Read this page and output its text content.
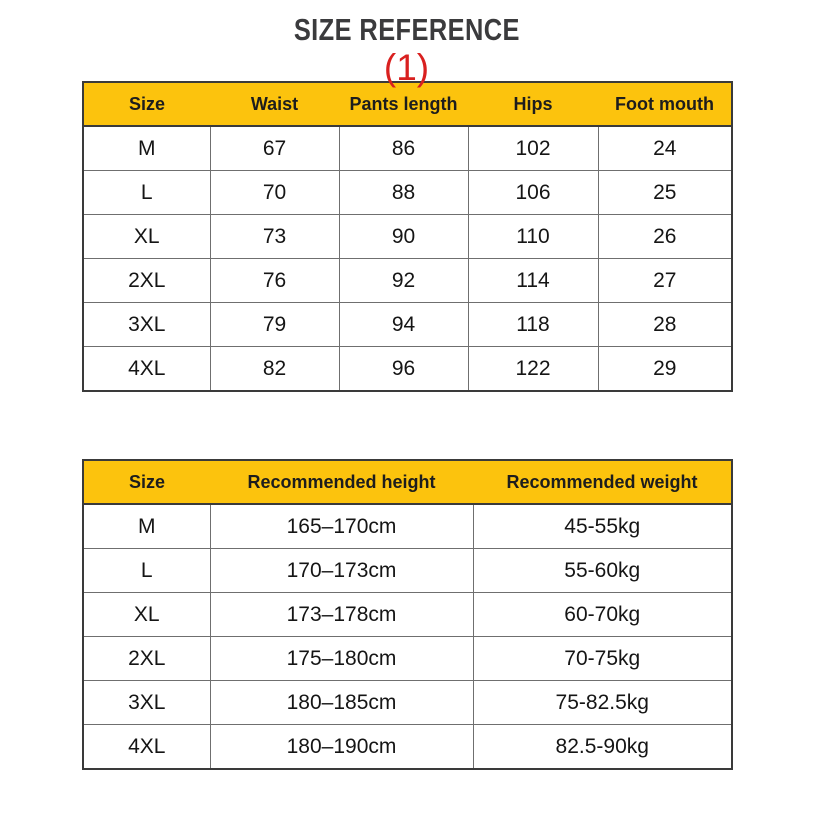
SIZE REFERENCE
(1)
Size	Waist	Pants length	Hips	Foot mouth
M	67	86	102	24
L	70	88	106	25
XL	73	90	110	26
2XL	76	92	114	27
3XL	79	94	118	28
4XL	82	96	122	29
Size	Recommended height	Recommended weight
M	165–170cm	45-55kg
L	170–173cm	55-60kg
XL	173–178cm	60-70kg
2XL	175–180cm	70-75kg
3XL	180–185cm	75-82.5kg
4XL	180–190cm	82.5-90kg
